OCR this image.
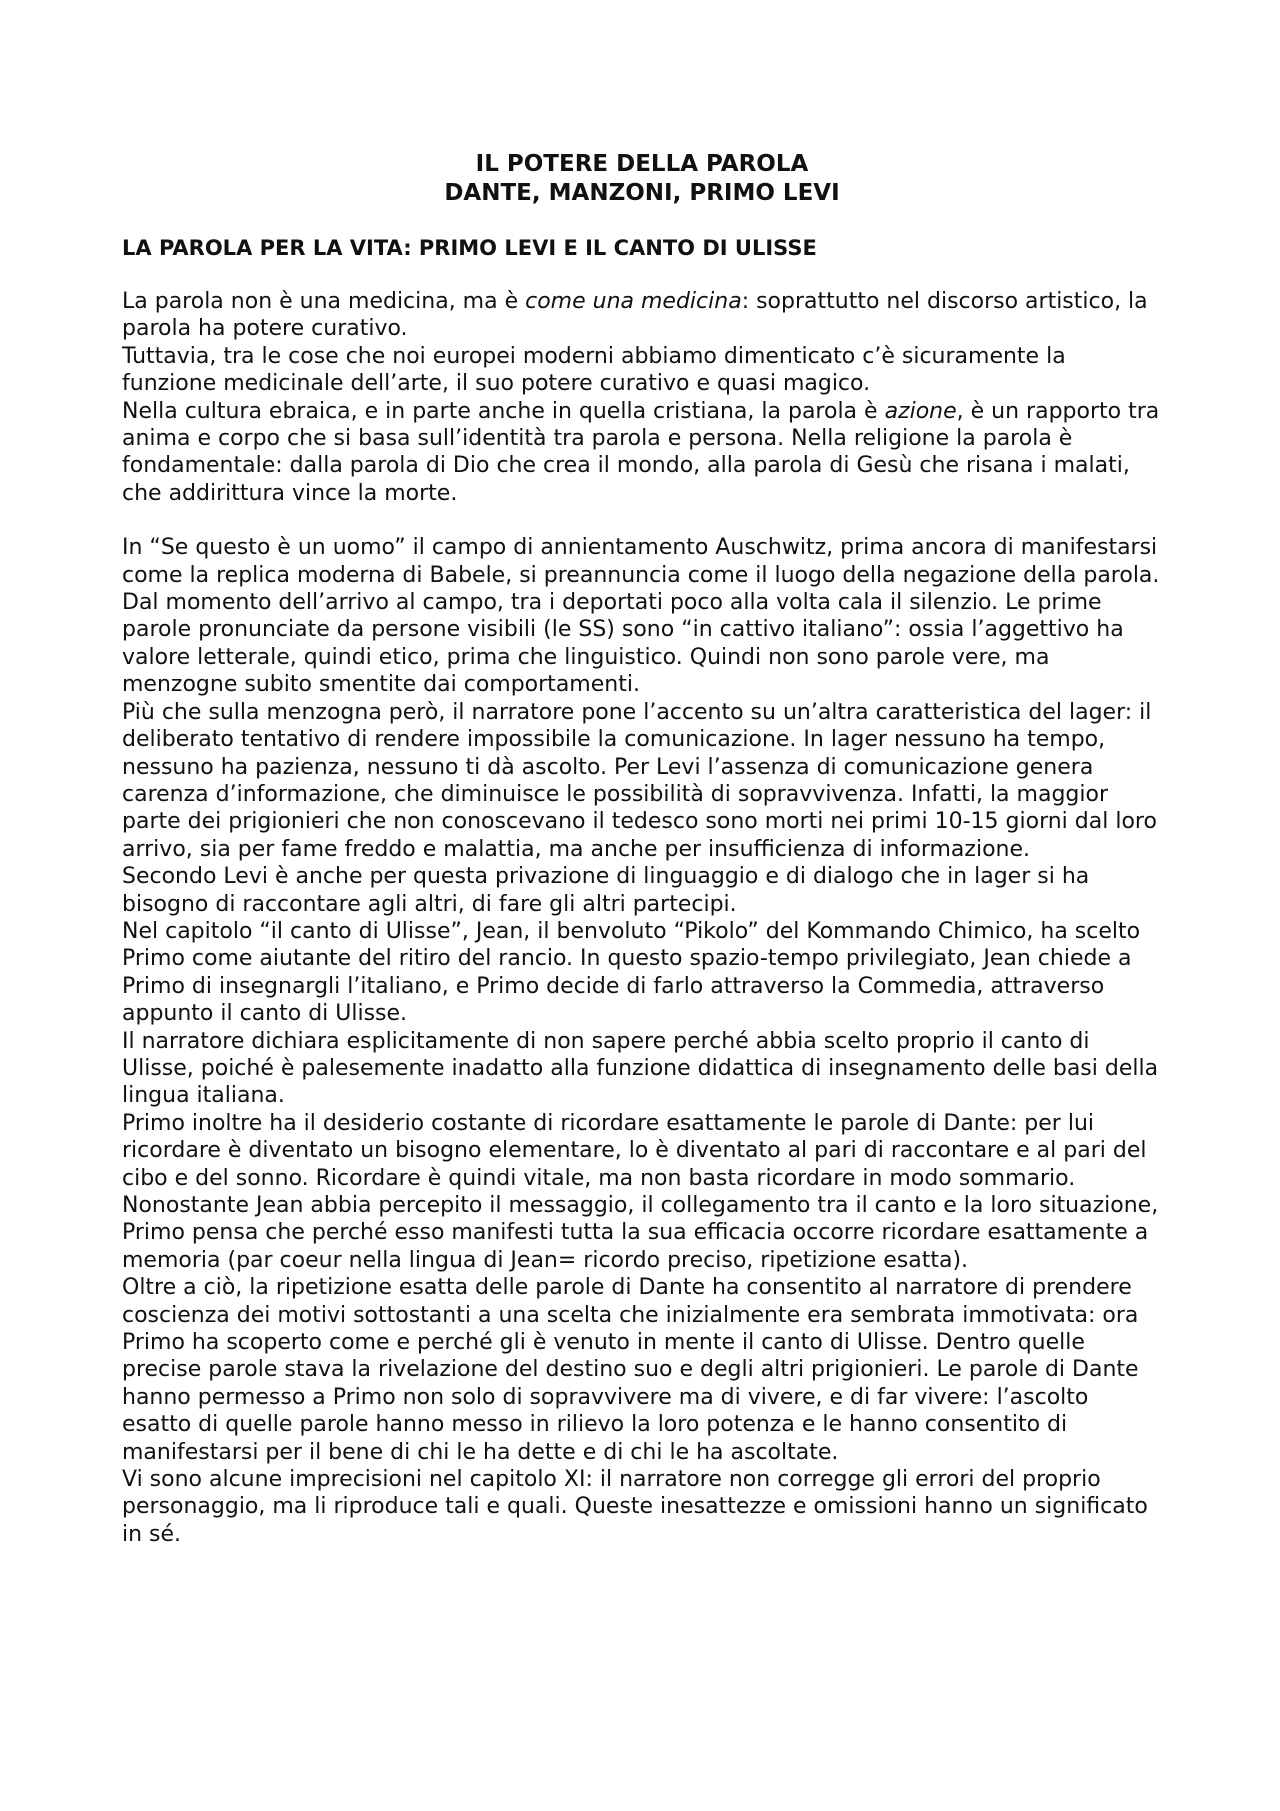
IL POTERE DELLA PAROLA
DANTE, MANZONI, PRIMO LEVI
LA PAROLA PER LA VITA: PRIMO LEVI E IL CANTO DI ULISSE

La parola non è una medicina, ma è come una medicina: soprattutto nel discorso artistico, la parola ha potere curativo.

Tuttavia, tra le cose che noi europei moderni abbiamo dimenticato c’è sicuramente la funzione medicinale dell’arte, il suo potere curativo e quasi magico.

Nella cultura ebraica, e in parte anche in quella cristiana, la parola è azione, è un rapporto tra anima e corpo che si basa sull’identità tra parola e persona. Nella religione la parola è fondamentale: dalla parola di Dio che crea il mondo, alla parola di Gesù che risana i malati, che addirittura vince la morte.

In “Se questo è un uomo” il campo di annientamento Auschwitz, prima ancora di manifestarsi come la replica moderna di Babele, si preannuncia come il luogo della negazione della parola. Dal momento dell’arrivo al campo, tra i deportati poco alla volta cala il silenzio. Le prime parole pronunciate da persone visibili (le SS) sono “in cattivo italiano”: ossia l’aggettivo ha valore letterale, quindi etico, prima che linguistico. Quindi non sono parole vere, ma menzogne subito smentite dai comportamenti.

Più che sulla menzogna però, il narratore pone l’accento su un’altra caratteristica del lager: il deliberato tentativo di rendere impossibile la comunicazione. In lager nessuno ha tempo, nessuno ha pazienza, nessuno ti dà ascolto. Per Levi l’assenza di comunicazione genera carenza d’informazione, che diminuisce le possibilità di sopravvivenza. Infatti, la maggior parte dei prigionieri che non conoscevano il tedesco sono morti nei primi 10-15 giorni dal loro arrivo, sia per fame freddo e malattia, ma anche per insufficienza di informazione.

Secondo Levi è anche per questa privazione di linguaggio e di dialogo che in lager si ha bisogno di raccontare agli altri, di fare gli altri partecipi.

Nel capitolo “il canto di Ulisse”, Jean, il benvoluto “Pikolo” del Kommando Chimico, ha scelto Primo come aiutante del ritiro del rancio. In questo spazio-tempo privilegiato, Jean chiede a Primo di insegnargli l’italiano, e Primo decide di farlo attraverso la Commedia, attraverso appunto il canto di Ulisse.

Il narratore dichiara esplicitamente di non sapere perché abbia scelto proprio il canto di Ulisse, poiché è palesemente inadatto alla funzione didattica di insegnamento delle basi della lingua italiana.

Primo inoltre ha il desiderio costante di ricordare esattamente le parole di Dante: per lui ricordare è diventato un bisogno elementare, lo è diventato al pari di raccontare e al pari del cibo e del sonno. Ricordare è quindi vitale, ma non basta ricordare in modo sommario. Nonostante Jean abbia percepito il messaggio, il collegamento tra il canto e la loro situazione, Primo pensa che perché esso manifesti tutta la sua efficacia occorre ricordare esattamente a memoria (par coeur nella lingua di Jean= ricordo preciso, ripetizione esatta).

Oltre a ciò, la ripetizione esatta delle parole di Dante ha consentito al narratore di prendere coscienza dei motivi sottostanti a una scelta che inizialmente era sembrata immotivata: ora Primo ha scoperto come e perché gli è venuto in mente il canto di Ulisse. Dentro quelle precise parole stava la rivelazione del destino suo e degli altri prigionieri. Le parole di Dante hanno permesso a Primo non solo di sopravvivere ma di vivere, e di far vivere: l’ascolto esatto di quelle parole hanno messo in rilievo la loro potenza e le hanno consentito di manifestarsi per il bene di chi le ha dette e di chi le ha ascoltate.

Vi sono alcune imprecisioni nel capitolo XI: il narratore non corregge gli errori del proprio personaggio, ma li riproduce tali e quali. Queste inesattezze e omissioni hanno un significato in sé.
